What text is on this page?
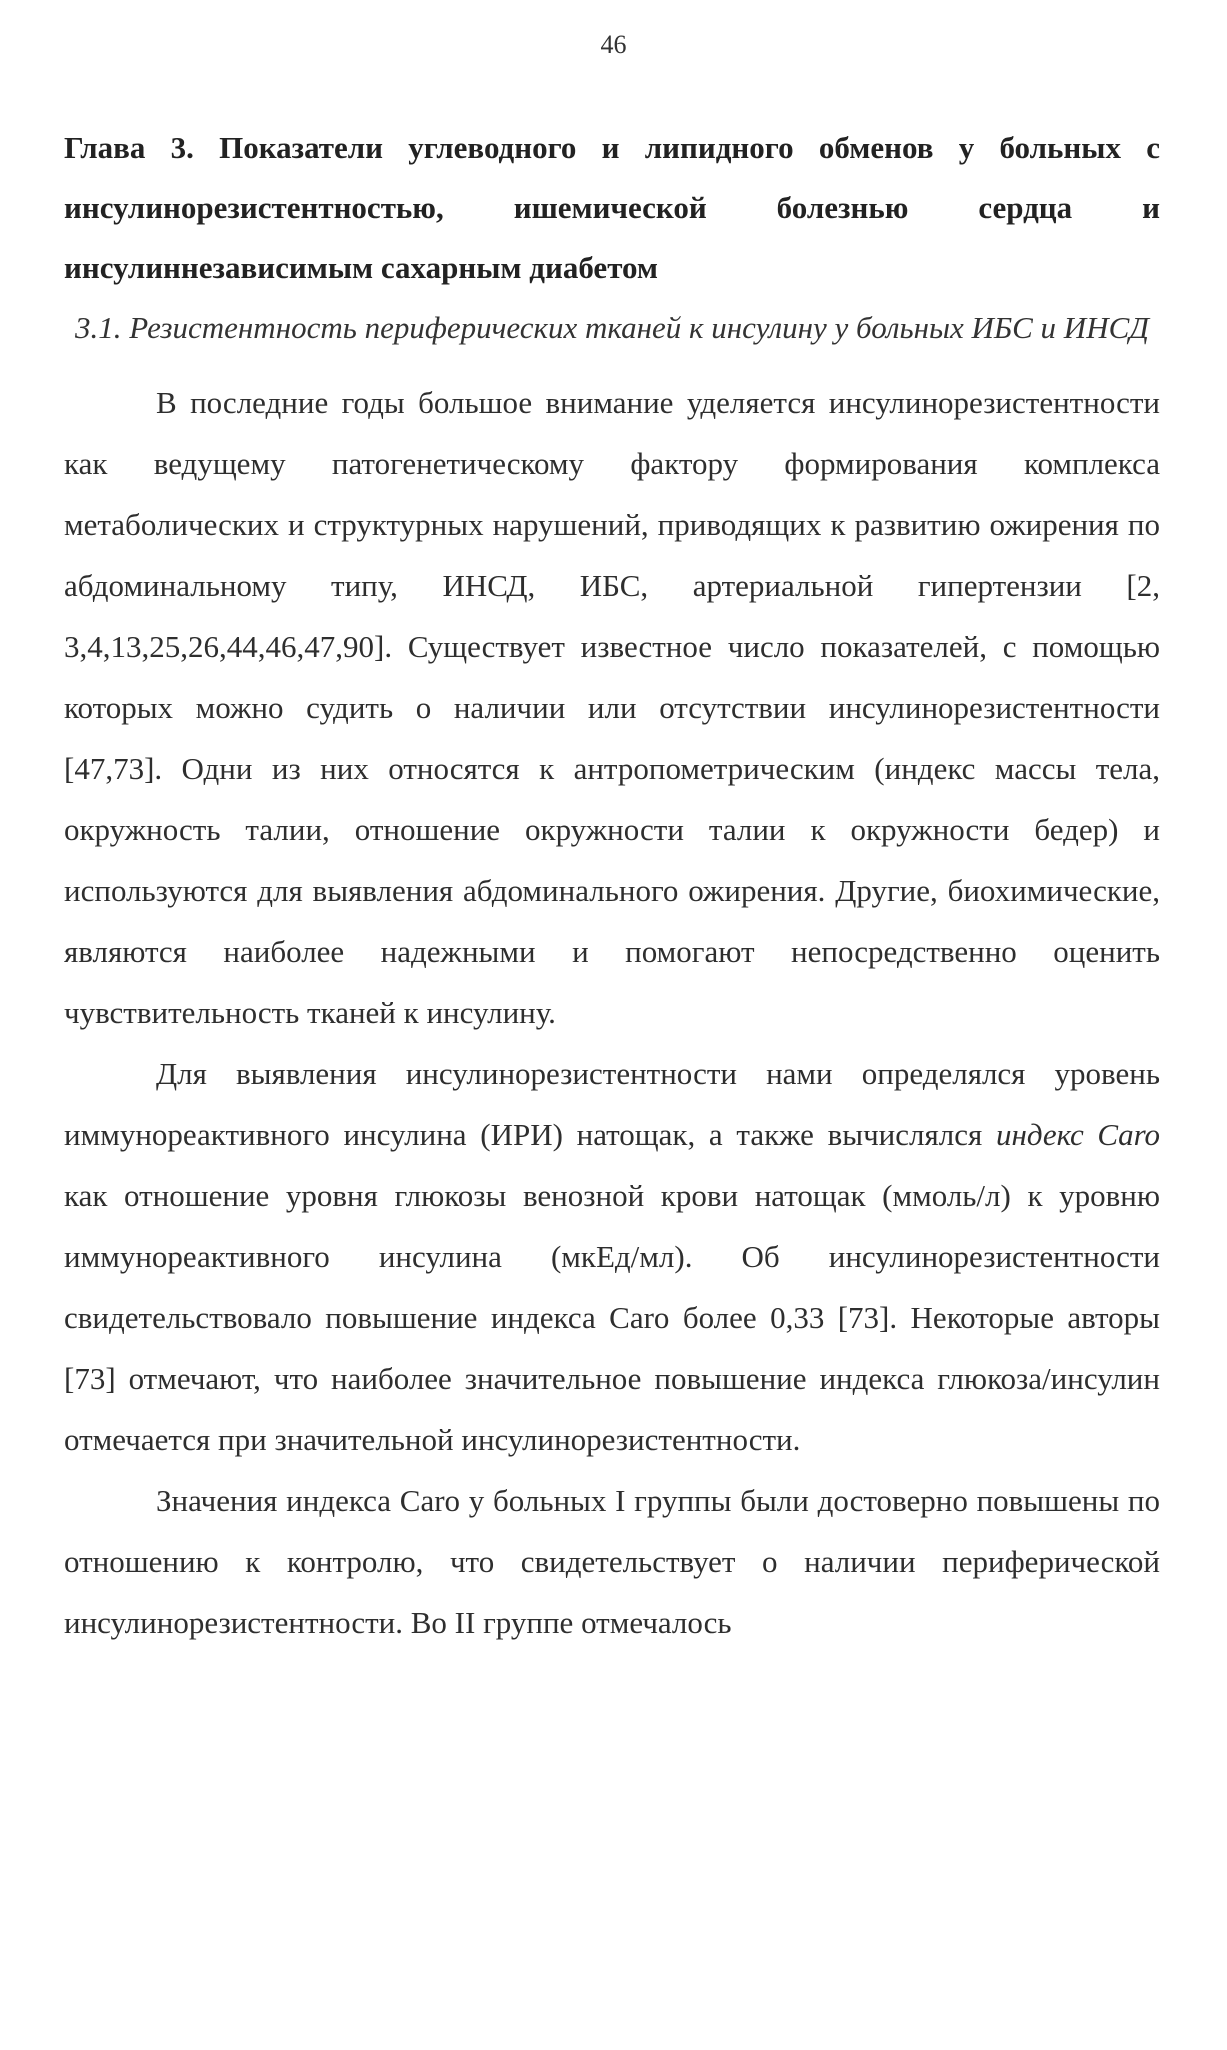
46

Глава 3. Показатели углеводного и липидного обменов у больных с инсулинорезистентностью, ишемической болезнью сердца и инсулиннезависимым сахарным диабетом

3.1. Резистентность периферических тканей к инсулину у больных ИБС и ИНСД

В последние годы большое внимание уделяется инсулинорезистентности как ведущему патогенетическому фактору формирования комплекса метаболических и структурных нарушений, приводящих к развитию ожирения по абдоминальному типу, ИНСД, ИБС, артериальной гипертензии [2, 3,4,13,25,26,44,46,47,90]. Существует известное число показателей, с помощью которых можно судить о наличии или отсутствии инсулинорезистентности [47,73]. Одни из них относятся к антропометрическим (индекс массы тела, окружность талии, отношение окружности талии к окружности бедер) и используются для выявления абдоминального ожирения. Другие, биохимические, являются наиболее надежными и помогают непосредственно оценить чувствительность тканей к инсулину.

Для выявления инсулинорезистентности нами определялся уровень иммунореактивного инсулина (ИРИ) натощак, а также вычислялся индекс Caro как отношение уровня глюкозы венозной крови натощак (ммоль/л) к уровню иммунореактивного инсулина (мкЕд/мл). Об инсулинорезистентности свидетельствовало повышение индекса Caro более 0,33 [73]. Некоторые авторы [73] отмечают, что наиболее значительное повышение индекса глюкоза/инсулин отмечается при значительной инсулинорезистентности.

Значения индекса Caro у больных I группы были достоверно повышены по отношению к контролю, что свидетельствует о наличии периферической инсулинорезистентности. Во II группе отмечалось
